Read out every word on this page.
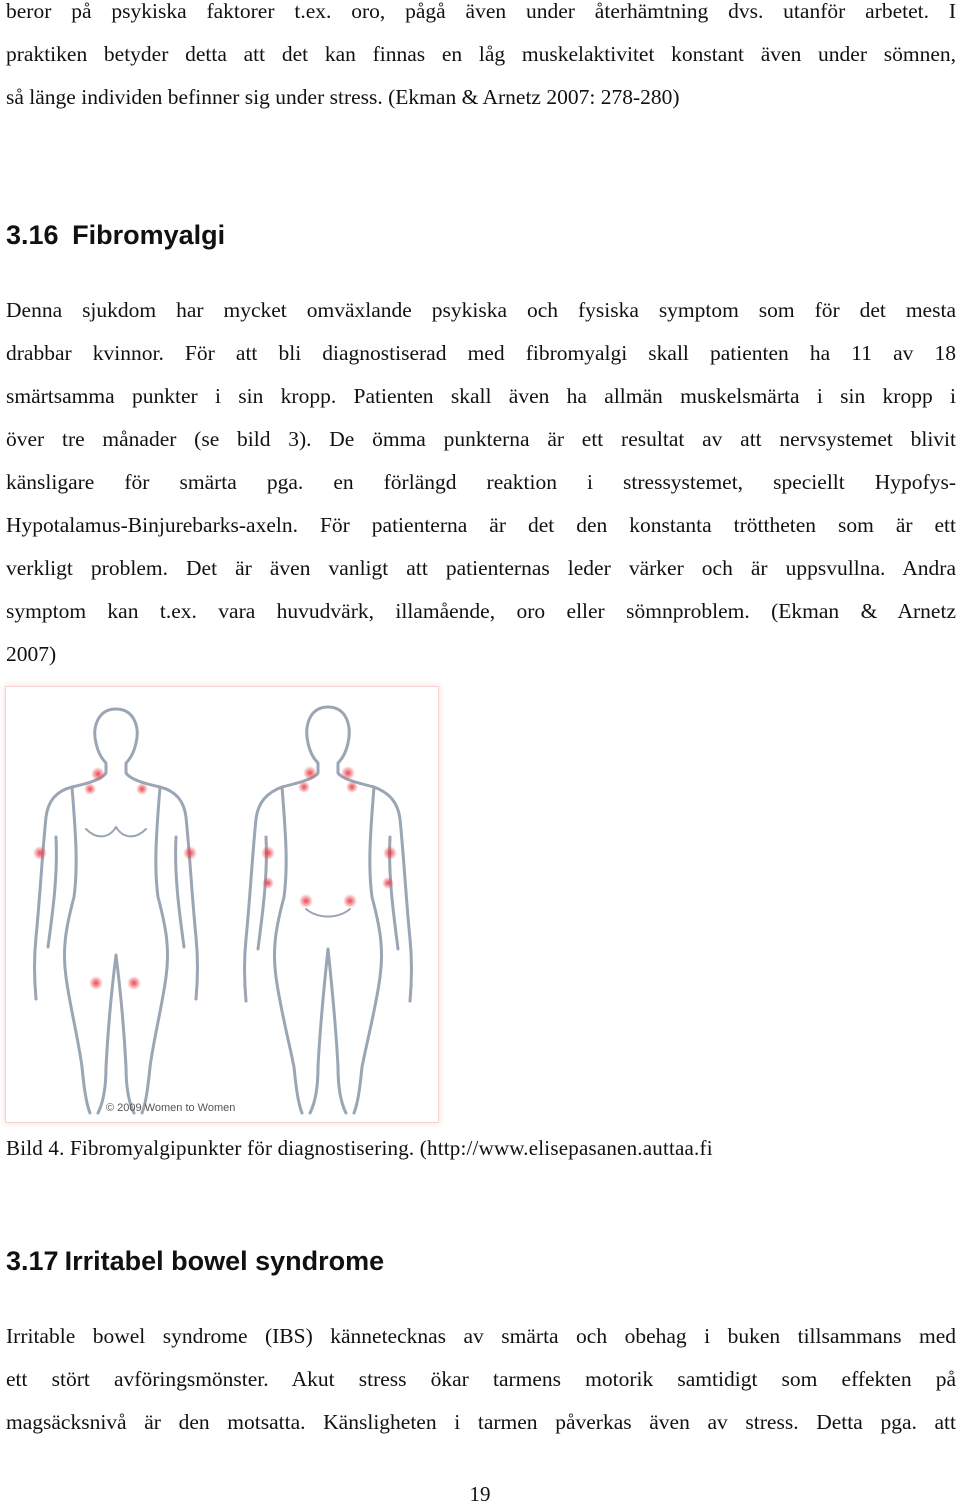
beror på psykiska faktorer t.ex. oro, pågå även under återhämtning dvs. utanför arbetet. I
praktiken betyder detta att det kan finnas en låg muskelaktivitet konstant även under sömnen,
så länge individen befinner sig under stress. (Ekman & Arnetz 2007: 278-280)
3.16 Fibromyalgi
Denna sjukdom har mycket omväxlande psykiska och fysiska symptom som för det mesta
drabbar kvinnor. För att bli diagnostiserad med fibromyalgi skall patienten ha 11 av 18
smärtsamma punkter i sin kropp. Patienten skall även ha allmän muskelsmärta i sin kropp i
över tre månader (se bild 3). De ömma punkterna är ett resultat av att nervsystemet blivit
känsligare för smärta pga. en förlängd reaktion i stressystemet, speciellt Hypofys-
Hypotalamus-Binjurebarks-axeln. För patienterna är det den konstanta tröttheten som är ett
verkligt problem. Det är även vanligt att patienternas leder värker och är uppsvullna. Andra
symptom kan t.ex. vara huvudvärk, illamående, oro eller sömnproblem. (Ekman & Arnetz
2007)
© 2009 Women to Women
Bild 4. Fibromyalgipunkter för diagnostisering. (http://www.elisepasanen.auttaa.fi
3.17 Irritabel bowel syndrome
Irritable bowel syndrome (IBS) kännetecknas av smärta och obehag i buken tillsammans med
ett stört avföringsmönster. Akut stress ökar tarmens motorik samtidigt som effekten på
magsäcksnivå är den motsatta. Känsligheten i tarmen påverkas även av stress. Detta pga. att
19
